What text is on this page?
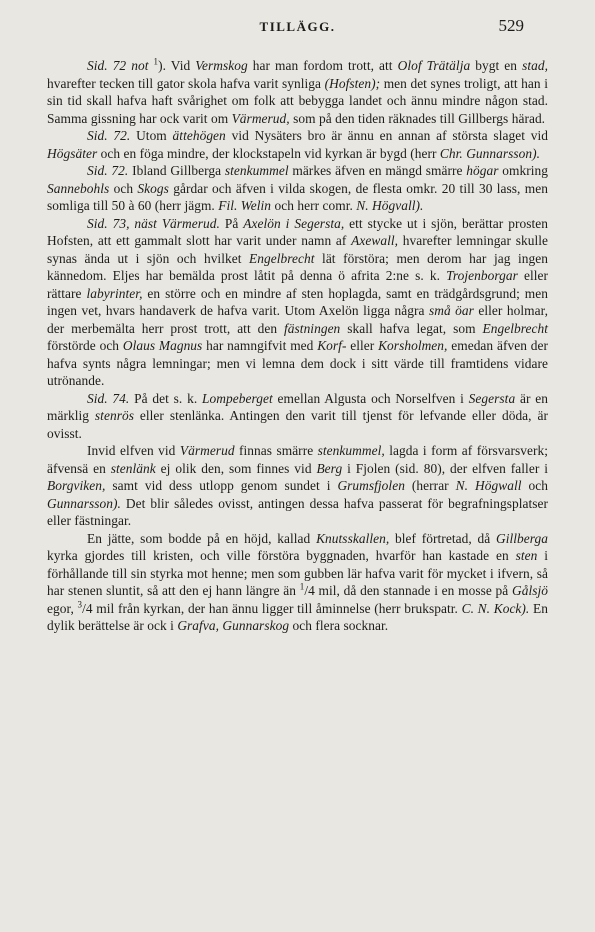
TILLÄGG.	529

Sid. 72 not $^1$). Vid Vermskog har man fordom trott, att Olof Trätälja bygt en stad, hvarefter tecken till gator skola hafva varit synliga (Hofsten); men det synes troligt, att han i sin tid skall hafva haft svårighet om folk att bebygga landet och ännu mindre någon stad. Samma gissning har ock varit om Värmerud, som på den tiden räknades till Gillbergs härad.

Sid. 72. Utom ättehögen vid Nysäters bro är ännu en annan af största slaget vid Högsäter och en föga mindre, der klockstapeln vid kyrkan är bygd (herr Chr. Gunnarsson).

Sid. 72. Ibland Gillberga stenkummel märkes äfven en mängd smärre högar omkring Sannebohls och Skogs gårdar och äfven i vilda skogen, de flesta omkr. 20 till 30 lass, men somliga till 50 à 60 (herr jägm. Fil. Welin och herr comr. N. Högvall).

Sid. 73, näst Värmerud. På Axelön i Segersta, ett stycke ut i sjön, berättar prosten Hofsten, att ett gammalt slott har varit under namn af Axewall, hvarefter lemningar skulle synas ända ut i sjön och hvilket Engelbrecht lät förstöra; men derom har jag ingen kännedom. Eljes har bemälda prost låtit på denna ö afrita 2:ne s. k. Trojenborgar eller rättare labyrinter, en större och en mindre af sten hoplagda, samt en trädgårdsgrund; men ingen vet, hvars handaverk de hafva varit. Utom Axelön ligga några små öar eller holmar, der merbemälta herr prost trott, att den fästningen skall hafva legat, som Engelbrecht förstörde och Olaus Magnus har namngifvit med Korf- eller Korsholmen, emedan äfven der hafva synts några lemningar; men vi lemna dem dock i sitt värde till framtidens vidare utrönande.

Sid. 74. På det s. k. Lompeberget emellan Algusta och Norselfven i Segersta är en märklig stenrös eller stenlänka. Antingen den varit till tjenst för lefvande eller döda, är ovisst.

Invid elfven vid Värmerud finnas smärre stenkummel, lagda i form af försvarsverk; äfvensä en stenlänk ej olik den, som finnes vid Berg i Fjolen (sid. 80), der elfven faller i Borgviken, samt vid dess utlopp genom sundet i Grumsfjolen (herrar N. Högwall och Gunnarsson). Det blir således ovisst, antingen dessa hafva passerat för begrafningsplatser eller fästningar.

En jätte, som bodde på en höjd, kallad Knutsskallen, blef förtretad, då Gillberga kyrka gjordes till kristen, och ville förstöra byggnaden, hvarför han kastade en sten i förhållande till sin styrka mot henne; men som gubben lär hafva varit för mycket i ifvern, så har stenen sluntit, så att den ej hann längre än $^1$/4 mil, då den stannade i en mosse på Gålsjö egor, $^3$/4 mil från kyrkan, der han ännu ligger till åminnelse (herr brukspatr. C. N. Kock). En dylik berättelse är ock i Grafva, Gunnarskog och flera socknar.
